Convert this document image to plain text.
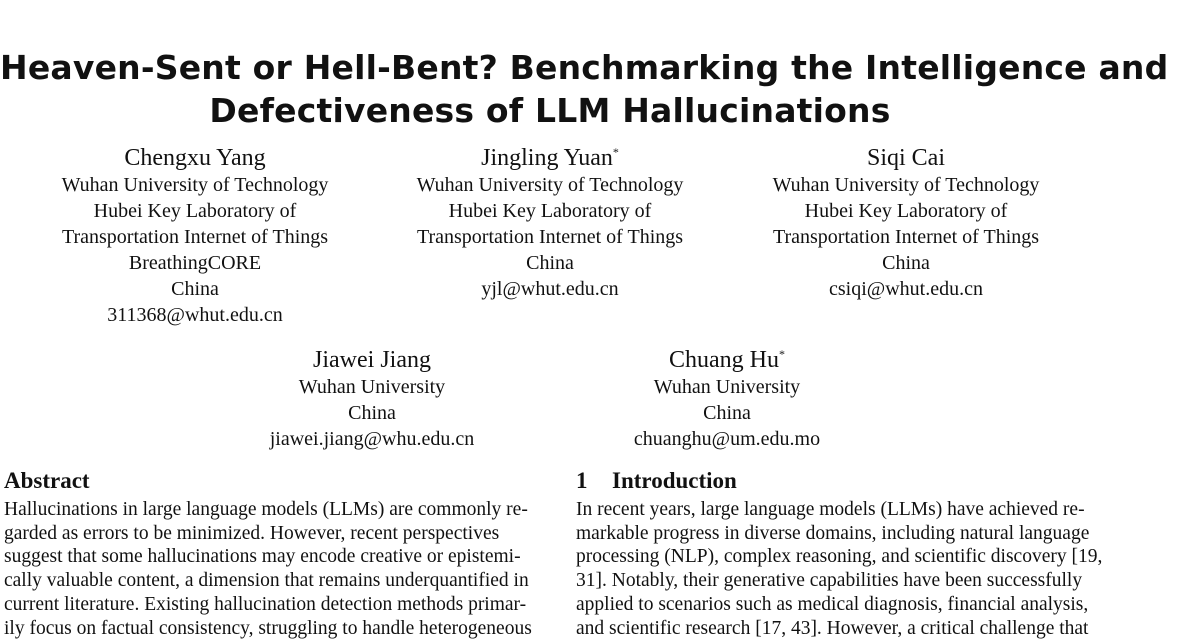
Heaven-Sent or Hell-Bent? Benchmarking the Intelligence and
Defectiveness of LLM Hallucinations
Chengxu Yang
Wuhan University of Technology
Hubei Key Laboratory of
Transportation Internet of Things
BreathingCORE
China
311368@whut.edu.cn
Jingling Yuan*
Wuhan University of Technology
Hubei Key Laboratory of
Transportation Internet of Things
China
yjl@whut.edu.cn
Siqi Cai
Wuhan University of Technology
Hubei Key Laboratory of
Transportation Internet of Things
China
csiqi@whut.edu.cn
Jiawei Jiang
Wuhan University
China
jiawei.jiang@whu.edu.cn
Chuang Hu*
Wuhan University
China
chuanghu@um.edu.mo
Abstract
Hallucinations in large language models (LLMs) are commonly re-
garded as errors to be minimized. However, recent perspectives
suggest that some hallucinations may encode creative or epistemi-
cally valuable content, a dimension that remains underquantified in
current literature. Existing hallucination detection methods primar-
ily focus on factual consistency, struggling to handle heterogeneous
1 Introduction
In recent years, large language models (LLMs) have achieved re-
markable progress in diverse domains, including natural language
processing (NLP), complex reasoning, and scientific discovery [19,
31]. Notably, their generative capabilities have been successfully
applied to scenarios such as medical diagnosis, financial analysis,
and scientific research [17, 43]. However, a critical challenge that
